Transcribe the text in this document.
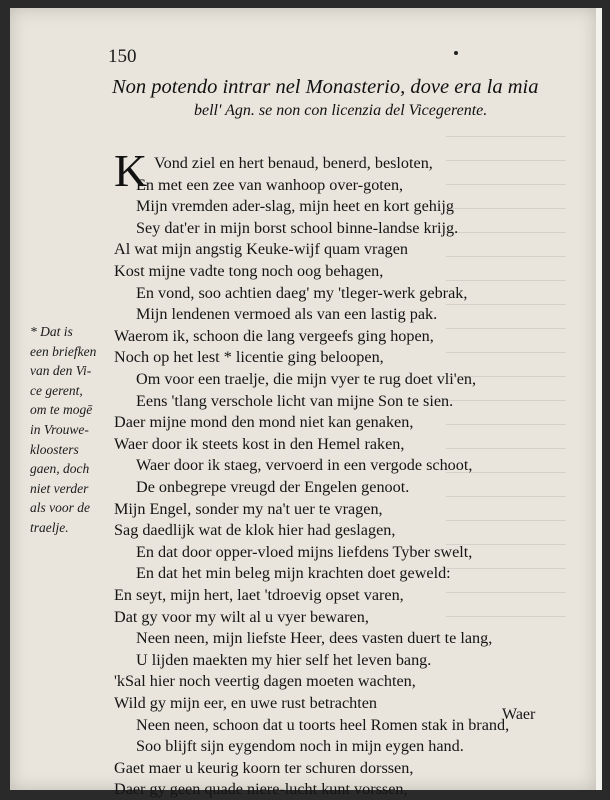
150
Non potendo intrar nel Monasterio, dove era la mia
bell' Agn. se non con licenzia del Vicegerente.
K Vond ziel en hert benaud, benerd, besloten,
En met een zee van wanhoop over-goten,
Mijn vremden ader-slag, mijn heet en kort gehijg
Sey dat'er in mijn borst school binne-landse krijg.
Al wat mijn angstig Keuke-wijf quam vragen
Kost mijne vadte tong noch oog behagen,
En vond, soo achtien daeg' my 'tleger-werk gebrak,
Mijn lendenen vermoed als van een lastig pak.
Waerom ik, schoon die lang vergeefs ging hopen,
Noch op het lest * licentie ging beloopen,
Om voor een traelje, die mijn vyer te rug doet vli'en,
Eens 'tlang verschole licht van mijne Son te sien.
Daer mijne mond den mond niet kan genaken,
Waer door ik steets kost in den Hemel raken,
Waer door ik staeg, vervoerd in een vergode schoot,
De onbegrepe vreugd der Engelen genoot.
Mijn Engel, sonder my na't uer te vragen,
Sag daedlijk wat de klok hier had geslagen,
En dat door opper-vloed mijns liefdens Tyber swelt,
En dat het min beleg mijn krachten doet geweld:
En seyt, mijn hert, laet 'tdroevig opset varen,
Dat gy voor my wilt al u vyer bewaren,
Neen neen, mijn liefste Heer, dees vasten duert te lang,
U lijden maekten my hier self het leven bang.
'kSal hier noch veertig dagen moeten wachten,
Wild gy mijn eer, en uwe rust betrachten
Neen neen, schoon dat u toorts heel Romen stak in brand,
Soo blijft sijn eygendom noch in mijn eygen hand.
Gaet maer u keurig koorn ter schuren dorssen,
Daer gy geen quade niere-lucht kunt vorssen,
* Dat is
een briefken
van den Vi-
ce gerent,
om te mogē
in Vrouwe-
kloosters
gaen, doch
niet verder
als voor de
traelje.
Waer
